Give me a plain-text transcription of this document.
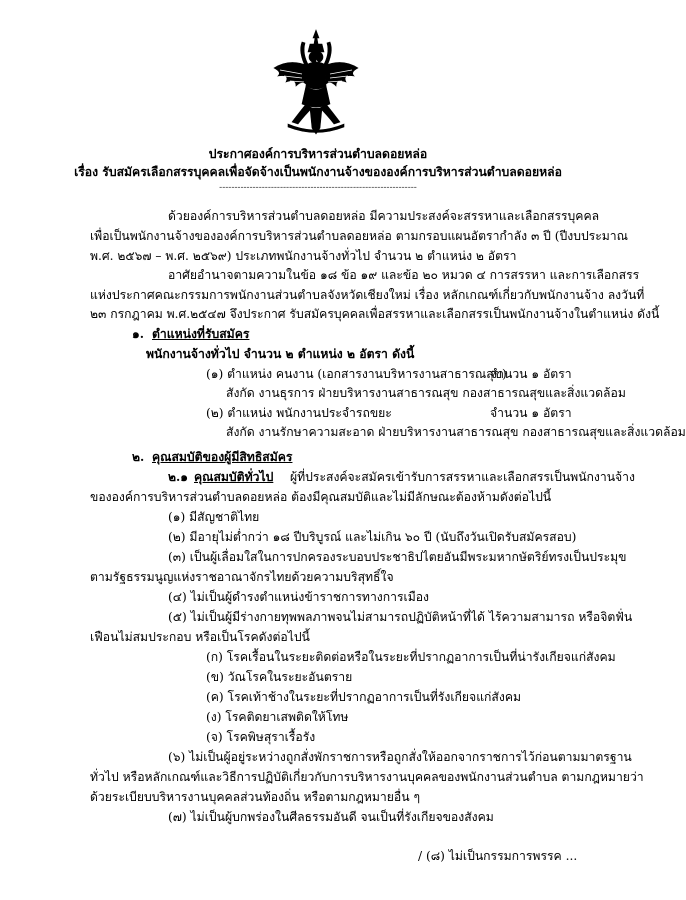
ประกาศองค์การบริหารส่วนตำบลดอยหล่อ
เรื่อง รับสมัครเลือกสรรบุคคลเพื่อจัดจ้างเป็นพนักงานจ้างขององค์การบริหารส่วนตำบลดอยหล่อ
-----------------------------------------------------------------
ด้วยองค์การบริหารส่วนตำบลดอยหล่อ มีความประสงค์จะสรรหาและเลือกสรรบุคคล
เพื่อเป็นพนักงานจ้างขององค์การบริหารส่วนตำบลดอยหล่อ ตามกรอบแผนอัตรากำลัง ๓ ปี (ปีงบประมาณ
พ.ศ. ๒๕๖๗ – พ.ศ. ๒๕๖๙) ประเภทพนักงานจ้างทั่วไป จำนวน ๒ ตำแหน่ง ๒ อัตรา
อาศัยอำนาจตามความในข้อ ๑๘ ข้อ ๑๙ และข้อ ๒๐ หมวด ๔ การสรรหา และการเลือกสรร
แห่งประกาศคณะกรรมการพนักงานส่วนตำบลจังหวัดเชียงใหม่ เรื่อง หลักเกณฑ์เกี่ยวกับพนักงานจ้าง ลงวันที่
๒๓ กรกฎาคม พ.ศ.๒๕๔๗ จึงประกาศ รับสมัครบุคคลเพื่อสรรหาและเลือกสรรเป็นพนักงานจ้างในตำแหน่ง ดังนี้
๑. ตำแหน่งที่รับสมัคร
พนักงานจ้างทั่วไป จำนวน ๒ ตำแหน่ง ๒ อัตรา ดังนี้
(๑) ตำแหน่ง คนงาน (เอกสารงานบริหารงานสาธารณสุข)
จำนวน ๑ อัตรา
สังกัด งานธุรการ ฝ่ายบริหารงานสาธารณสุข กองสาธารณสุขและสิ่งแวดล้อม
(๒) ตำแหน่ง พนักงานประจำรถขยะ	จำนวน ๑ อัตรา
สังกัด งานรักษาความสะอาด ฝ่ายบริหารงานสาธารณสุข กองสาธารณสุขและสิ่งแวดล้อม
๒. คุณสมบัติของผู้มีสิทธิสมัคร
๒.๑ คุณสมบัติทั่วไป ผู้ที่ประสงค์จะสมัครเข้ารับการสรรหาและเลือกสรรเป็นพนักงานจ้าง
ขององค์การบริหารส่วนตำบลดอยหล่อ ต้องมีคุณสมบัติและไม่มีลักษณะต้องห้ามดังต่อไปนี้
(๑) มีสัญชาติไทย
(๒) มีอายุไม่ต่ำกว่า ๑๘ ปีบริบูรณ์ และไม่เกิน ๖๐ ปี (นับถึงวันเปิดรับสมัครสอบ)
(๓) เป็นผู้เลื่อมใสในการปกครองระบอบประชาธิปไตยอันมีพระมหากษัตริย์ทรงเป็นประมุข
ตามรัฐธรรมนูญแห่งราชอาณาจักรไทยด้วยความบริสุทธิ์ใจ
(๔) ไม่เป็นผู้ดำรงตำแหน่งข้าราชการทางการเมือง
(๕) ไม่เป็นผู้มีร่างกายทุพพลภาพจนไม่สามารถปฏิบัติหน้าที่ได้ ไร้ความสามารถ หรือจิตฟั่น
เฟือนไม่สมประกอบ หรือเป็นโรคดังต่อไปนี้
(ก) โรคเรื้อนในระยะติดต่อหรือในระยะที่ปรากฏอาการเป็นที่น่ารังเกียจแก่สังคม
(ข) วัณโรคในระยะอันตราย
(ค) โรคเท้าช้างในระยะที่ปรากฏอาการเป็นที่รังเกียจแก่สังคม
(ง) โรคติดยาเสพติดให้โทษ
(จ) โรคพิษสุราเรื้อรัง
(๖) ไม่เป็นผู้อยู่ระหว่างถูกสั่งพักราชการหรือถูกสั่งให้ออกจากราชการไว้ก่อนตามมาตรฐาน
ทั่วไป หรือหลักเกณฑ์และวิธีการปฏิบัติเกี่ยวกับการบริหารงานบุคคลของพนักงานส่วนตำบล ตามกฎหมายว่า
ด้วยระเบียบบริหารงานบุคคลส่วนท้องถิ่น หรือตามกฎหมายอื่น ๆ
(๗) ไม่เป็นผู้บกพร่องในศีลธรรมอันดี จนเป็นที่รังเกียจของสังคม
/ (๘) ไม่เป็นกรรมการพรรค ...
